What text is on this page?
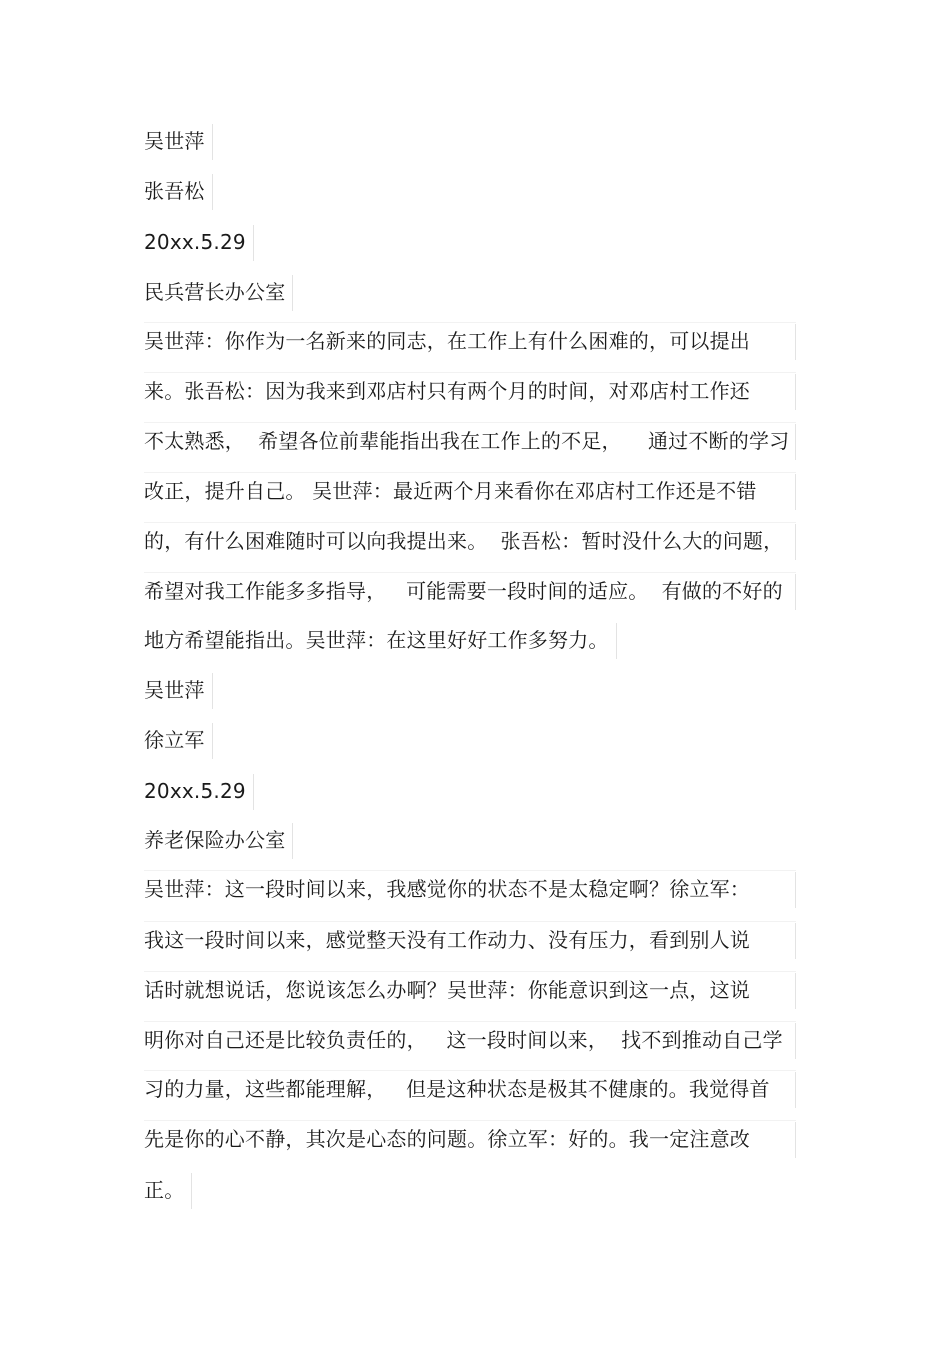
吴世萍
张吾松
20xx.5.29
民兵营长办公室
吴世萍：你作为一名新来的同志，在工作上有什么困难的，可以提出
来。张吾松：因为我来到邓店村只有两个月的时间，对邓店村工作还
不太熟悉，  希望各位前辈能指出我在工作上的不足，    通过不断的学习
改正，提升自己。 吴世萍：最近两个月来看你在邓店村工作还是不错
的，有什么困难随时可以向我提出来。  张吾松：暂时没什么大的问题，
希望对我工作能多多指导，   可能需要一段时间的适应。  有做的不好的
地方希望能指出。吴世萍：在这里好好工作多努力。
吴世萍
徐立军
20xx.5.29
养老保险办公室
吴世萍：这一段时间以来，我感觉你的状态不是太稳定啊？徐立军：
我这一段时间以来，感觉整天没有工作动力、没有压力，看到别人说
话时就想说话，您说该怎么办啊？吴世萍：你能意识到这一点，这说
明你对自己还是比较负责任的，   这一段时间以来，  找不到推动自己学
习的力量，这些都能理解，   但是这种状态是极其不健康的。我觉得首
先是你的心不静，其次是心态的问题。徐立军：好的。我一定注意改
正。
